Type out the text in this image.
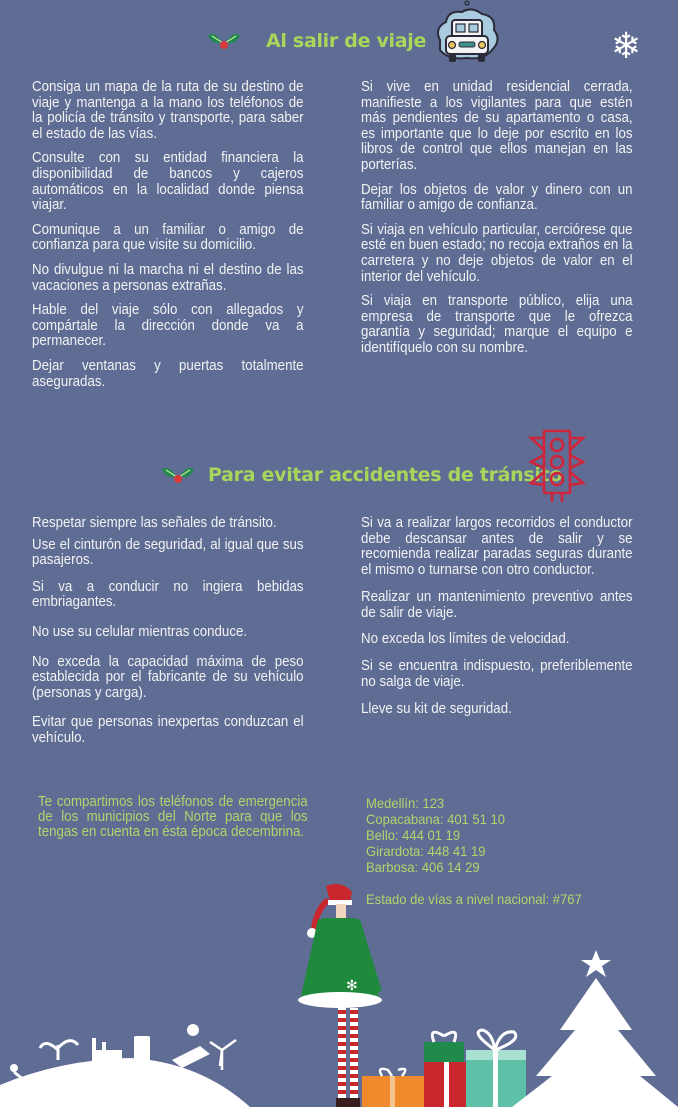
Al salir de viaje	❄

Consiga un mapa de la ruta de su destino de viaje y mantenga a la mano los teléfonos de la policía de tránsito y transporte, para saber el estado de las vías.

Consulte con su entidad financiera la disponibilidad de bancos y cajeros automáticos en la localidad donde piensa viajar.

Comunique a un familiar o amigo de confianza para que visite su domicilio.

No divulgue ni la marcha ni el destino de las vacaciones a personas extrañas.

Hable del viaje sólo con allegados y compártale la dirección donde va a permanecer.

Dejar ventanas y puertas totalmente aseguradas.

Si vive en unidad residencial cerrada, manifieste a los vigilantes para que estén más pendientes de su apartamento o casa, es importante que lo deje por escrito en los libros de control que ellos manejan en las porterías.

Dejar los objetos de valor y dinero con un familiar o amigo de confianza.

Si viaja en vehículo particular, cerciórese que esté en buen estado; no recoja extraños en la carretera y no deje objetos de valor en el interior del vehículo.

Si viaja en transporte público, elija una empresa de transporte que le ofrezca garantía y seguridad; marque el equipo e identifíquelo con su nombre.

Para evitar accidentes de tránsito

Respetar siempre las señales de tránsito.

Use el cinturón de seguridad, al igual que sus pasajeros.

Si va a conducir no ingiera bebidas embriagantes.

No use su celular mientras conduce.

No exceda la capacidad máxima de peso establecida por el fabricante de su vehículo (personas y carga).

Evitar que personas inexpertas conduzcan el vehículo.

Si va a realizar largos recorridos el conductor debe descansar antes de salir y se recomienda realizar paradas seguras durante el mismo o turnarse con otro conductor.

Realizar un mantenimiento preventivo antes de salir de viaje.

No exceda los límites de velocidad.

Si se encuentra indispuesto, preferiblemente no salga de viaje.

Lleve su kit de seguridad.

Te compartimos los teléfonos de emergencia de los municipios del Norte para que los tengas en cuenta en ésta época decembrina.

Medellín: 123
Copacabana: 401 51 10
Bello: 444 01 19
Girardota: 448 41 19
Barbosa: 406 14 29
Estado de vías a nivel nacional: #767
✻
